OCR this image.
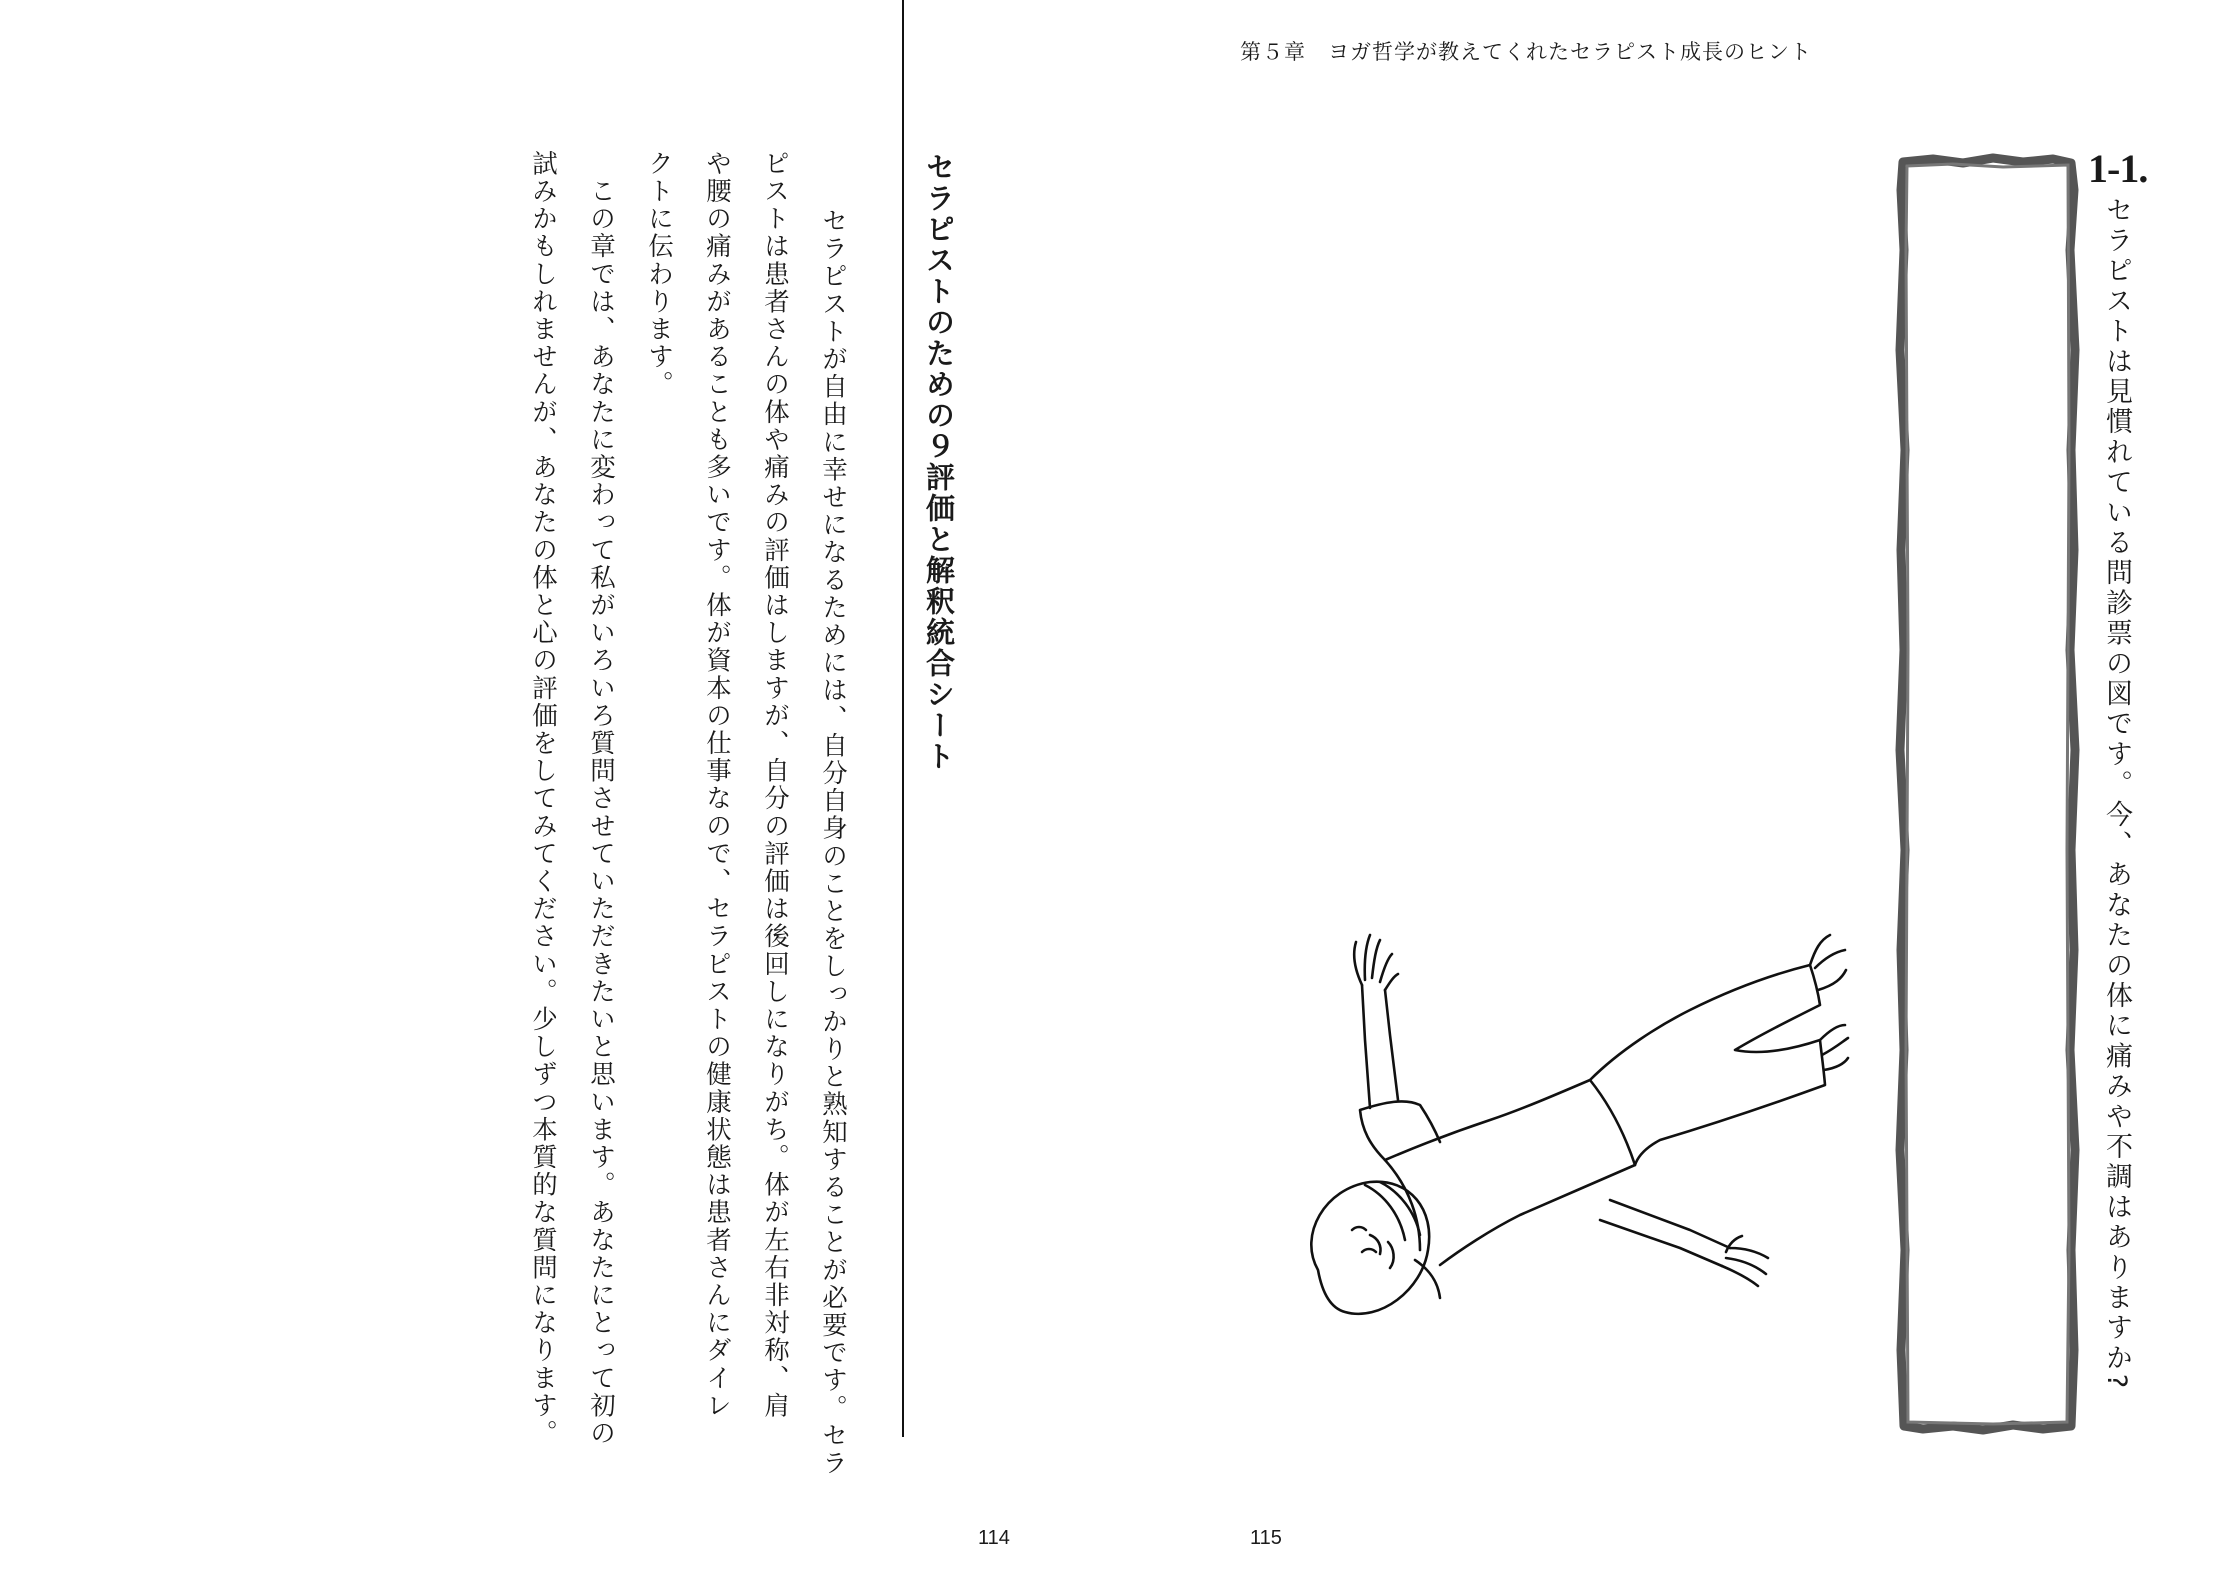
セラピストのための９評価と解釈統合シート
　セラピストが自由に幸せになるためには、自分自身のことをしっかりと熟知することが必要です。セラ
ピストは患者さんの体や痛みの評価はしますが、自分の評価は後回しになりがち。体が左右非対称、肩
や腰の痛みがあることも多いです。体が資本の仕事なので、セラピストの健康状態は患者さんにダイレ
クトに伝わります。
　この章では、あなたに変わって私がいろいろ質問させていただきたいと思います。あなたにとって初の
試みかもしれませんが、あなたの体と心の評価をしてみてください。少しずつ本質的な質問になります。
114
第５章　ヨガ哲学が教えてくれたセラピスト成長のヒント
1-1.
セラピストは見慣れている問診票の図です。今、あなたの体に痛みや不調はありますか?
115
